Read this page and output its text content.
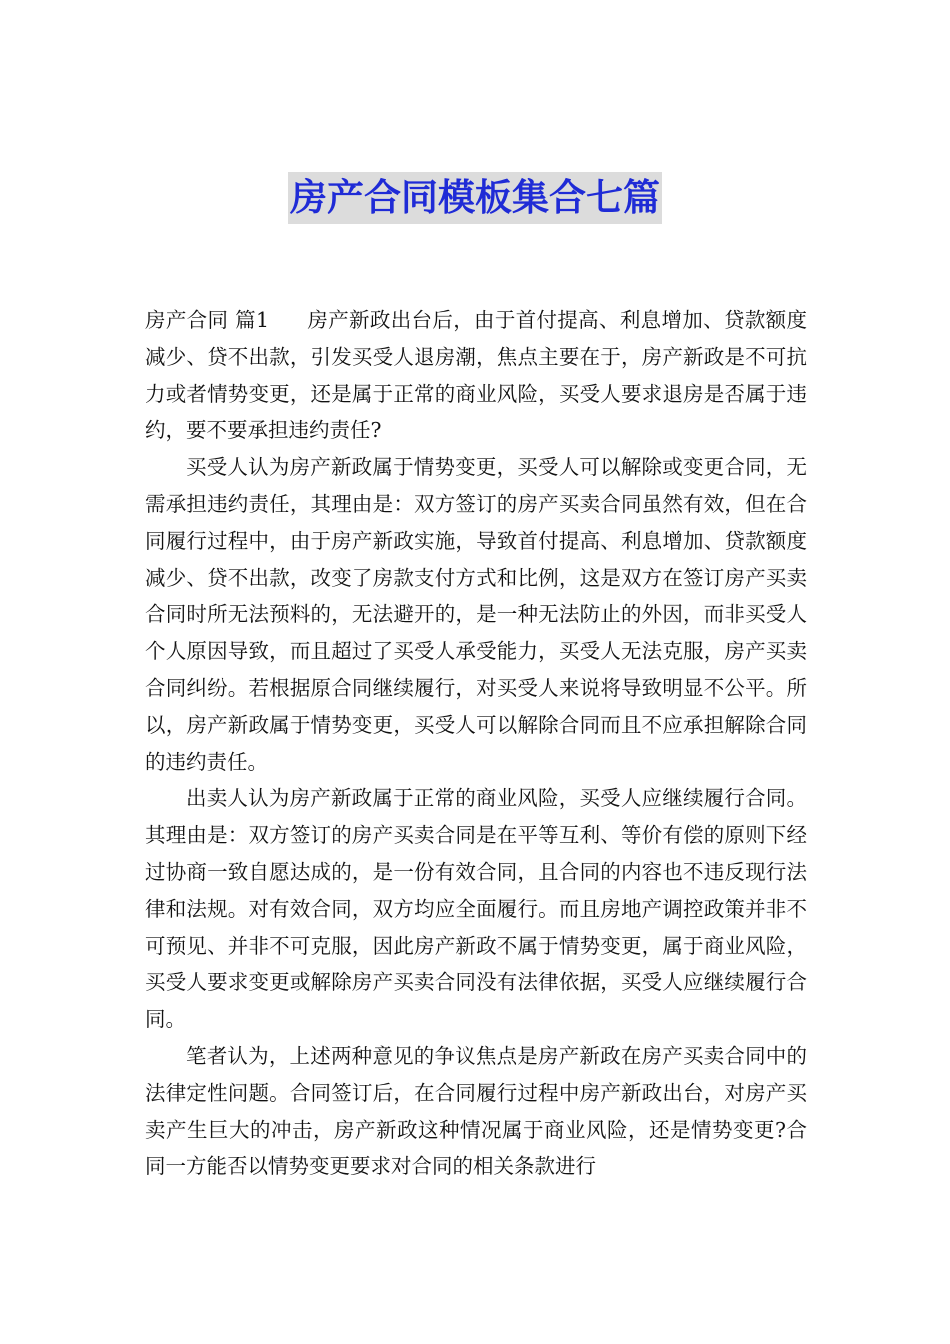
房产合同模板集合七篇

房产合同 篇1 房产新政出台后，由于首付提高、利息增加、贷款额度减少、贷不出款，引发买受人退房潮，焦点主要在于，房产新政是不可抗力或者情势变更，还是属于正常的商业风险，买受人要求退房是否属于违约，要不要承担违约责任?

买受人认为房产新政属于情势变更，买受人可以解除或变更合同，无需承担违约责任，其理由是：双方签订的房产买卖合同虽然有效，但在合同履行过程中，由于房产新政实施，导致首付提高、利息增加、贷款额度减少、贷不出款，改变了房款支付方式和比例，这是双方在签订房产买卖合同时所无法预料的，无法避开的，是一种无法防止的外因，而非买受人个人原因导致，而且超过了买受人承受能力，买受人无法克服，房产买卖合同纠纷。若根据原合同继续履行，对买受人来说将导致明显不公平。所以，房产新政属于情势变更，买受人可以解除合同而且不应承担解除合同的违约责任。

出卖人认为房产新政属于正常的商业风险，买受人应继续履行合同。其理由是：双方签订的房产买卖合同是在平等互利、等价有偿的原则下经过协商一致自愿达成的，是一份有效合同，且合同的内容也不违反现行法律和法规。对有效合同，双方均应全面履行。而且房地产调控政策并非不可预见、并非不可克服，因此房产新政不属于情势变更，属于商业风险，买受人要求变更或解除房产买卖合同没有法律依据，买受人应继续履行合同。

笔者认为，上述两种意见的争议焦点是房产新政在房产买卖合同中的法律定性问题。合同签订后，在合同履行过程中房产新政出台，对房产买卖产生巨大的冲击，房产新政这种情况属于商业风险，还是情势变更?合同一方能否以情势变更要求对合同的相关条款进行
